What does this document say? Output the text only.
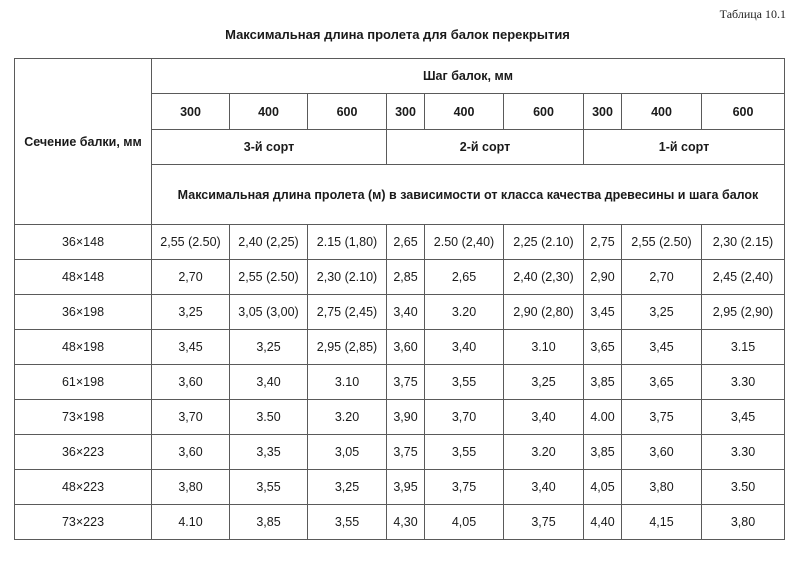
Таблица 10.1
Максимальная длина пролета для балок перекрытия
Сечение балки, мм	Шаг балок, мм								
	300	400	600	300	400	600	300	400	600
	3-й сорт			2-й сорт			1-й сорт		
	Максимальная длина пролета (м) в зависимости от класса качества древесины и шага балок								
36×148	2,55 (2.50)	2,40 (2,25)	2.15 (1,80)	2,65	2.50 (2,40)	2,25 (2.10)	2,75	2,55 (2.50)	2,30 (2.15)
48×148	2,70	2,55 (2.50)	2,30 (2.10)	2,85	2,65	2,40 (2,30)	2,90	2,70	2,45 (2,40)
36×198	3,25	3,05 (3,00)	2,75 (2,45)	3,40	3.20	2,90 (2,80)	3,45	3,25	2,95 (2,90)
48×198	3,45	3,25	2,95 (2,85)	3,60	3,40	3.10	3,65	3,45	3.15
61×198	3,60	3,40	3.10	3,75	3,55	3,25	3,85	3,65	3.30
73×198	3,70	3.50	3.20	3,90	3,70	3,40	4.00	3,75	3,45
36×223	3,60	3,35	3,05	3,75	3,55	3.20	3,85	3,60	3.30
48×223	3,80	3,55	3,25	3,95	3,75	3,40	4,05	3,80	3.50
73×223	4.10	3,85	3,55	4,30	4,05	3,75	4,40	4,15	3,80
